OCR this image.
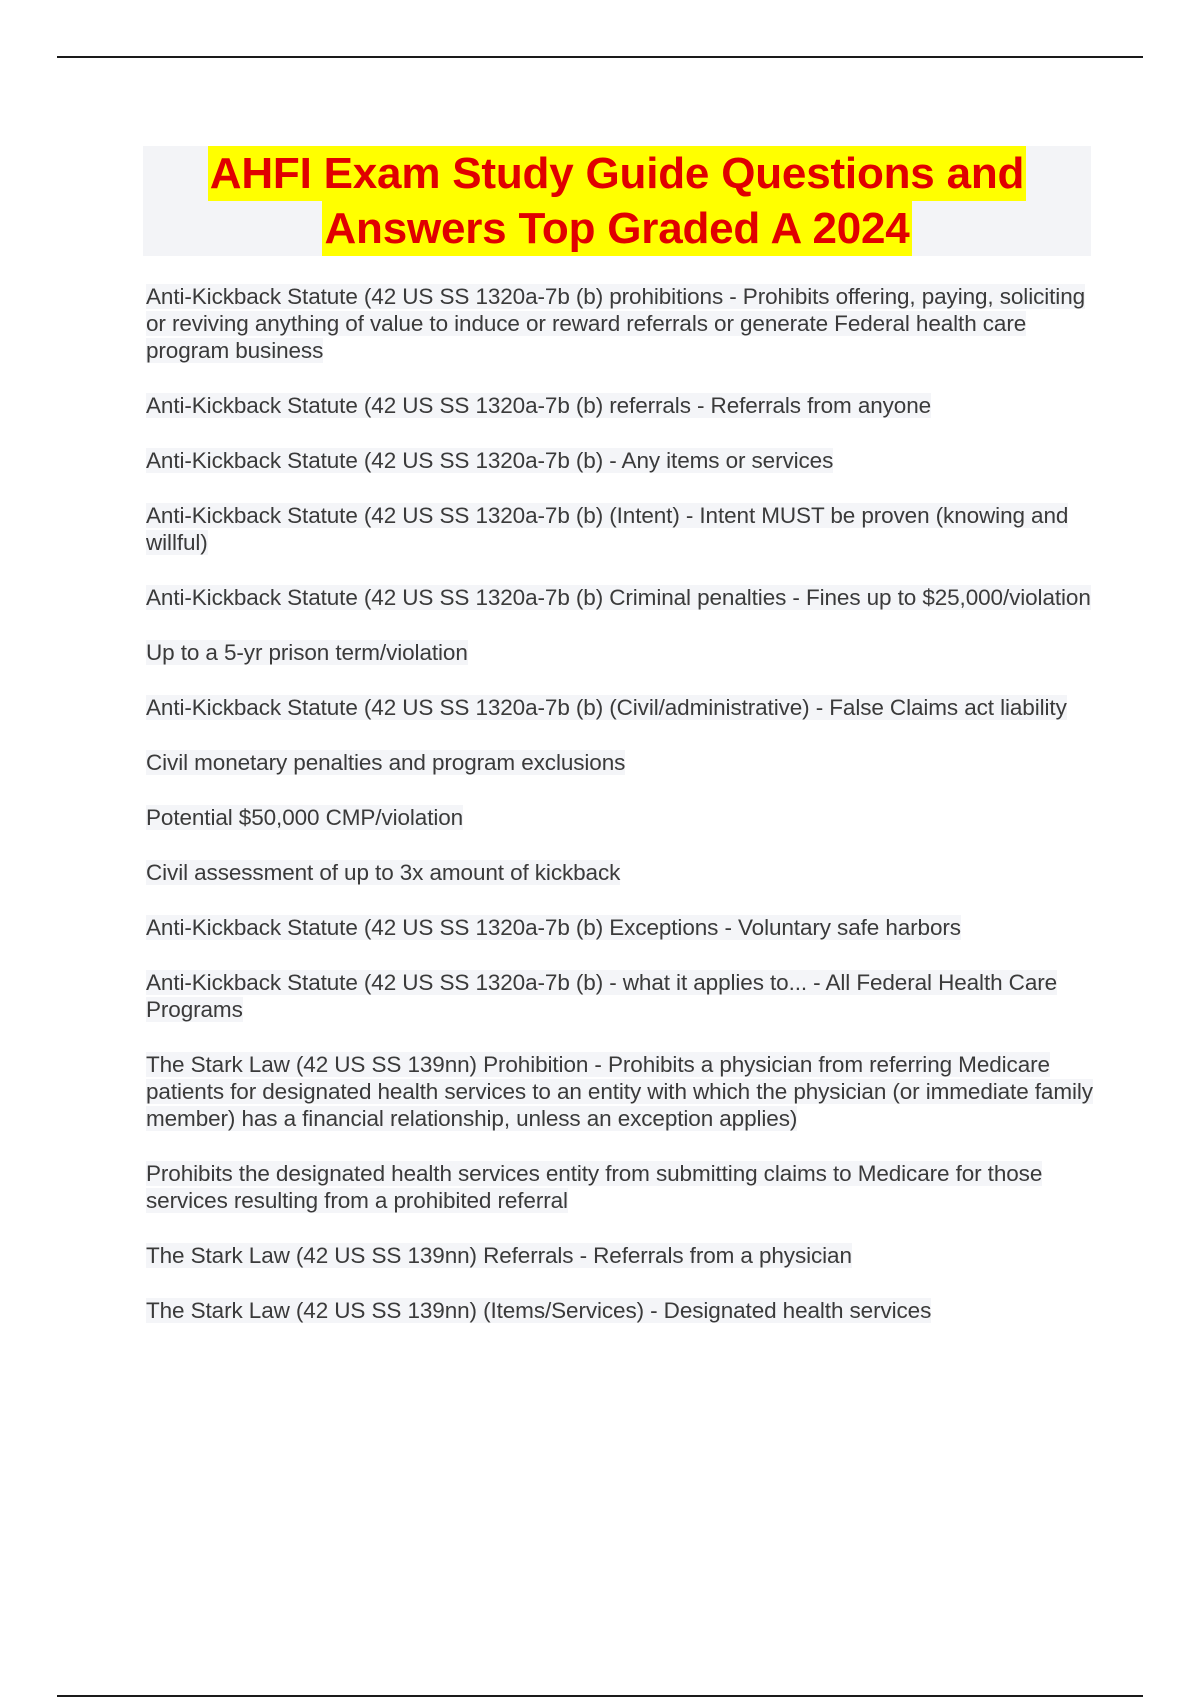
AHFI Exam Study Guide Questions and
Answers Top Graded A 2024

Anti-Kickback Statute (42 US SS 1320a-7b (b) prohibitions - Prohibits offering, paying, soliciting or reviving anything of value to induce or reward referrals or generate Federal health care program business

Anti-Kickback Statute (42 US SS 1320a-7b (b) referrals - Referrals from anyone

Anti-Kickback Statute (42 US SS 1320a-7b (b) - Any items or services

Anti-Kickback Statute (42 US SS 1320a-7b (b) (Intent) - Intent MUST be proven (knowing and willful)

Anti-Kickback Statute (42 US SS 1320a-7b (b) Criminal penalties - Fines up to $25,000/violation

Up to a 5-yr prison term/violation

Anti-Kickback Statute (42 US SS 1320a-7b (b) (Civil/administrative) - False Claims act liability

Civil monetary penalties and program exclusions

Potential $50,000 CMP/violation

Civil assessment of up to 3x amount of kickback

Anti-Kickback Statute (42 US SS 1320a-7b (b) Exceptions - Voluntary safe harbors

Anti-Kickback Statute (42 US SS 1320a-7b (b) - what it applies to... - All Federal Health Care Programs

The Stark Law (42 US SS 139nn) Prohibition - Prohibits a physician from referring Medicare patients for designated health services to an entity with which the physician (or immediate family member) has a financial relationship, unless an exception applies)

Prohibits the designated health services entity from submitting claims to Medicare for those services resulting from a prohibited referral

The Stark Law (42 US SS 139nn) Referrals - Referrals from a physician

The Stark Law (42 US SS 139nn) (Items/Services) - Designated health services
